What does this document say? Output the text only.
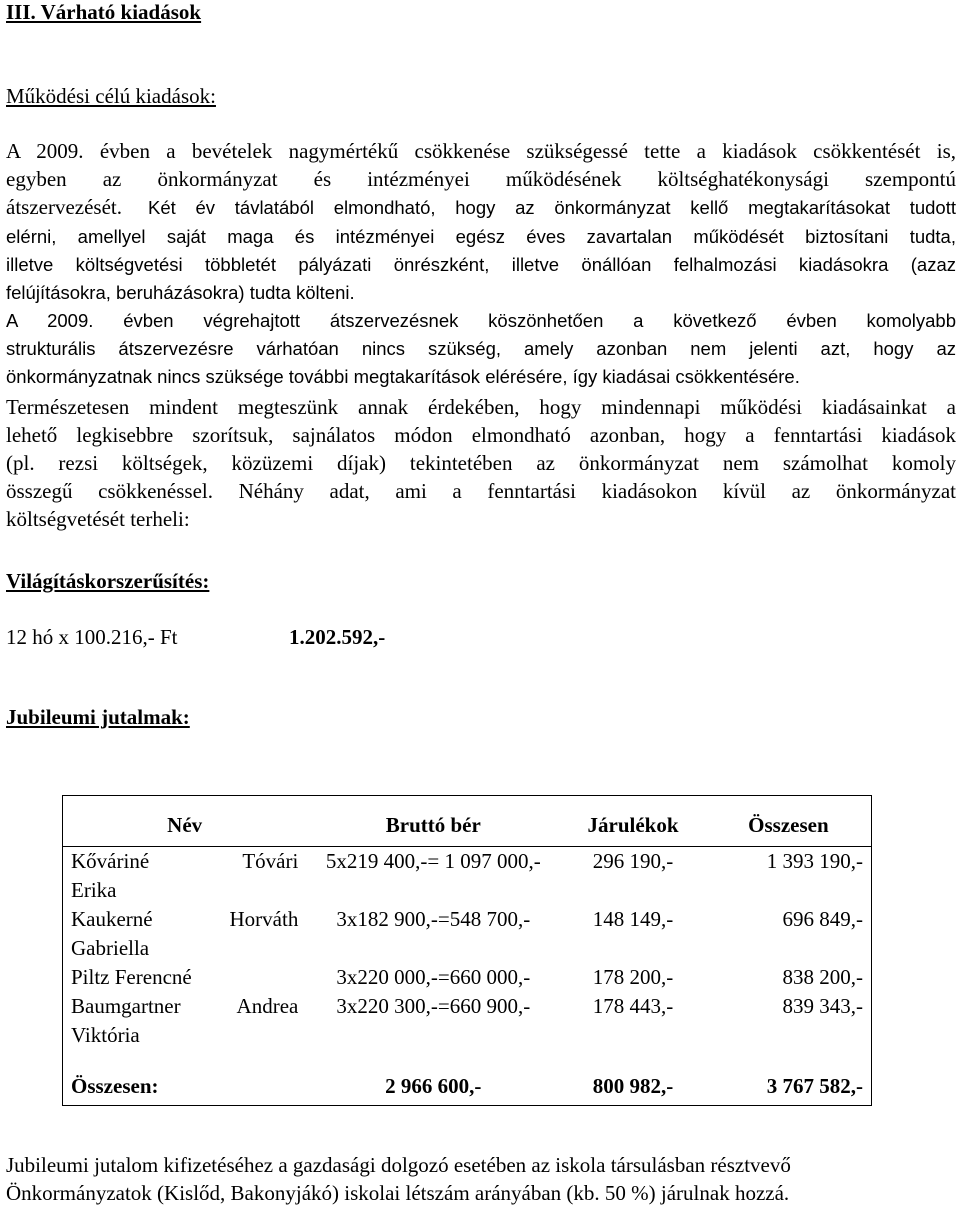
III. Várható kiadások
Működési célú kiadások:
A 2009. évben a bevételek nagymértékű csökkenése szükségessé tette a kiadások csökkentését is,
egyben az önkormányzat és intézményei működésének költséghatékonysági szempontú
átszervezését. Két év távlatából elmondható, hogy az önkormányzat kellő megtakarításokat tudott
elérni, amellyel saját maga és intézményei egész éves zavartalan működését biztosítani tudta,
illetve költségvetési többletét pályázati önrészként, illetve önállóan felhalmozási kiadásokra (azaz
felújításokra, beruházásokra) tudta költeni.
A 2009. évben végrehajtott átszervezésnek köszönhetően a következő évben komolyabb
strukturális átszervezésre várhatóan nincs szükség, amely azonban nem jelenti azt, hogy az
önkormányzatnak nincs szüksége további megtakarítások elérésére, így kiadásai csökkentésére.
Természetesen mindent megteszünk annak érdekében, hogy mindennapi működési kiadásainkat a
lehető legkisebbre szorítsuk, sajnálatos módon elmondható azonban, hogy a fenntartási kiadások
(pl. rezsi költségek, közüzemi díjak) tekintetében az önkormányzat nem számolhat komoly
összegű csökkenéssel. Néhány adat, ami a fenntartási kiadásokon kívül az önkormányzat
költségvetését terheli:
Világításkorszerűsítés:
12 hó x 100.216,- Ft	1.202.592,-
Jubileumi jutalmak:
Név	Bruttó bér	Járulékok	Összesen

Kőváriné Tóvári
Erika	5x219 400,-= 1 097 000,-	296 190,-	1 393 190,-

Kaukerné Horváth
Gabriella	3x182 900,-=548 700,-	148 149,-	696 849,-

Piltz Ferencné	3x220 000,-=660 000,-	178 200,-	838 200,-

Baumgartner Andrea
Viktória	3x220 300,-=660 900,-	178 443,-	839 343,-

Összesen:	2 966 600,-	800 982,-	3 767 582,-
Jubileumi jutalom kifizetéséhez a gazdasági dolgozó esetében az iskola társulásban résztvevő
Önkormányzatok (Kislőd, Bakonyjákó) iskolai létszám arányában (kb. 50 %) járulnak hozzá.
